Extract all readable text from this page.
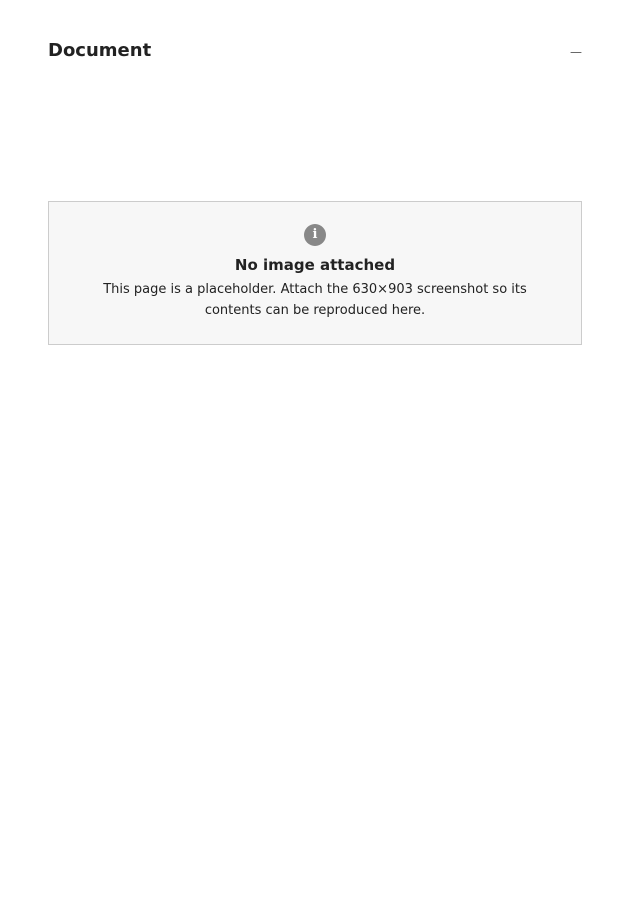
Document	—
i

No image attached

This page is a placeholder. Attach the 630×903 screenshot so its contents can be reproduced here.
